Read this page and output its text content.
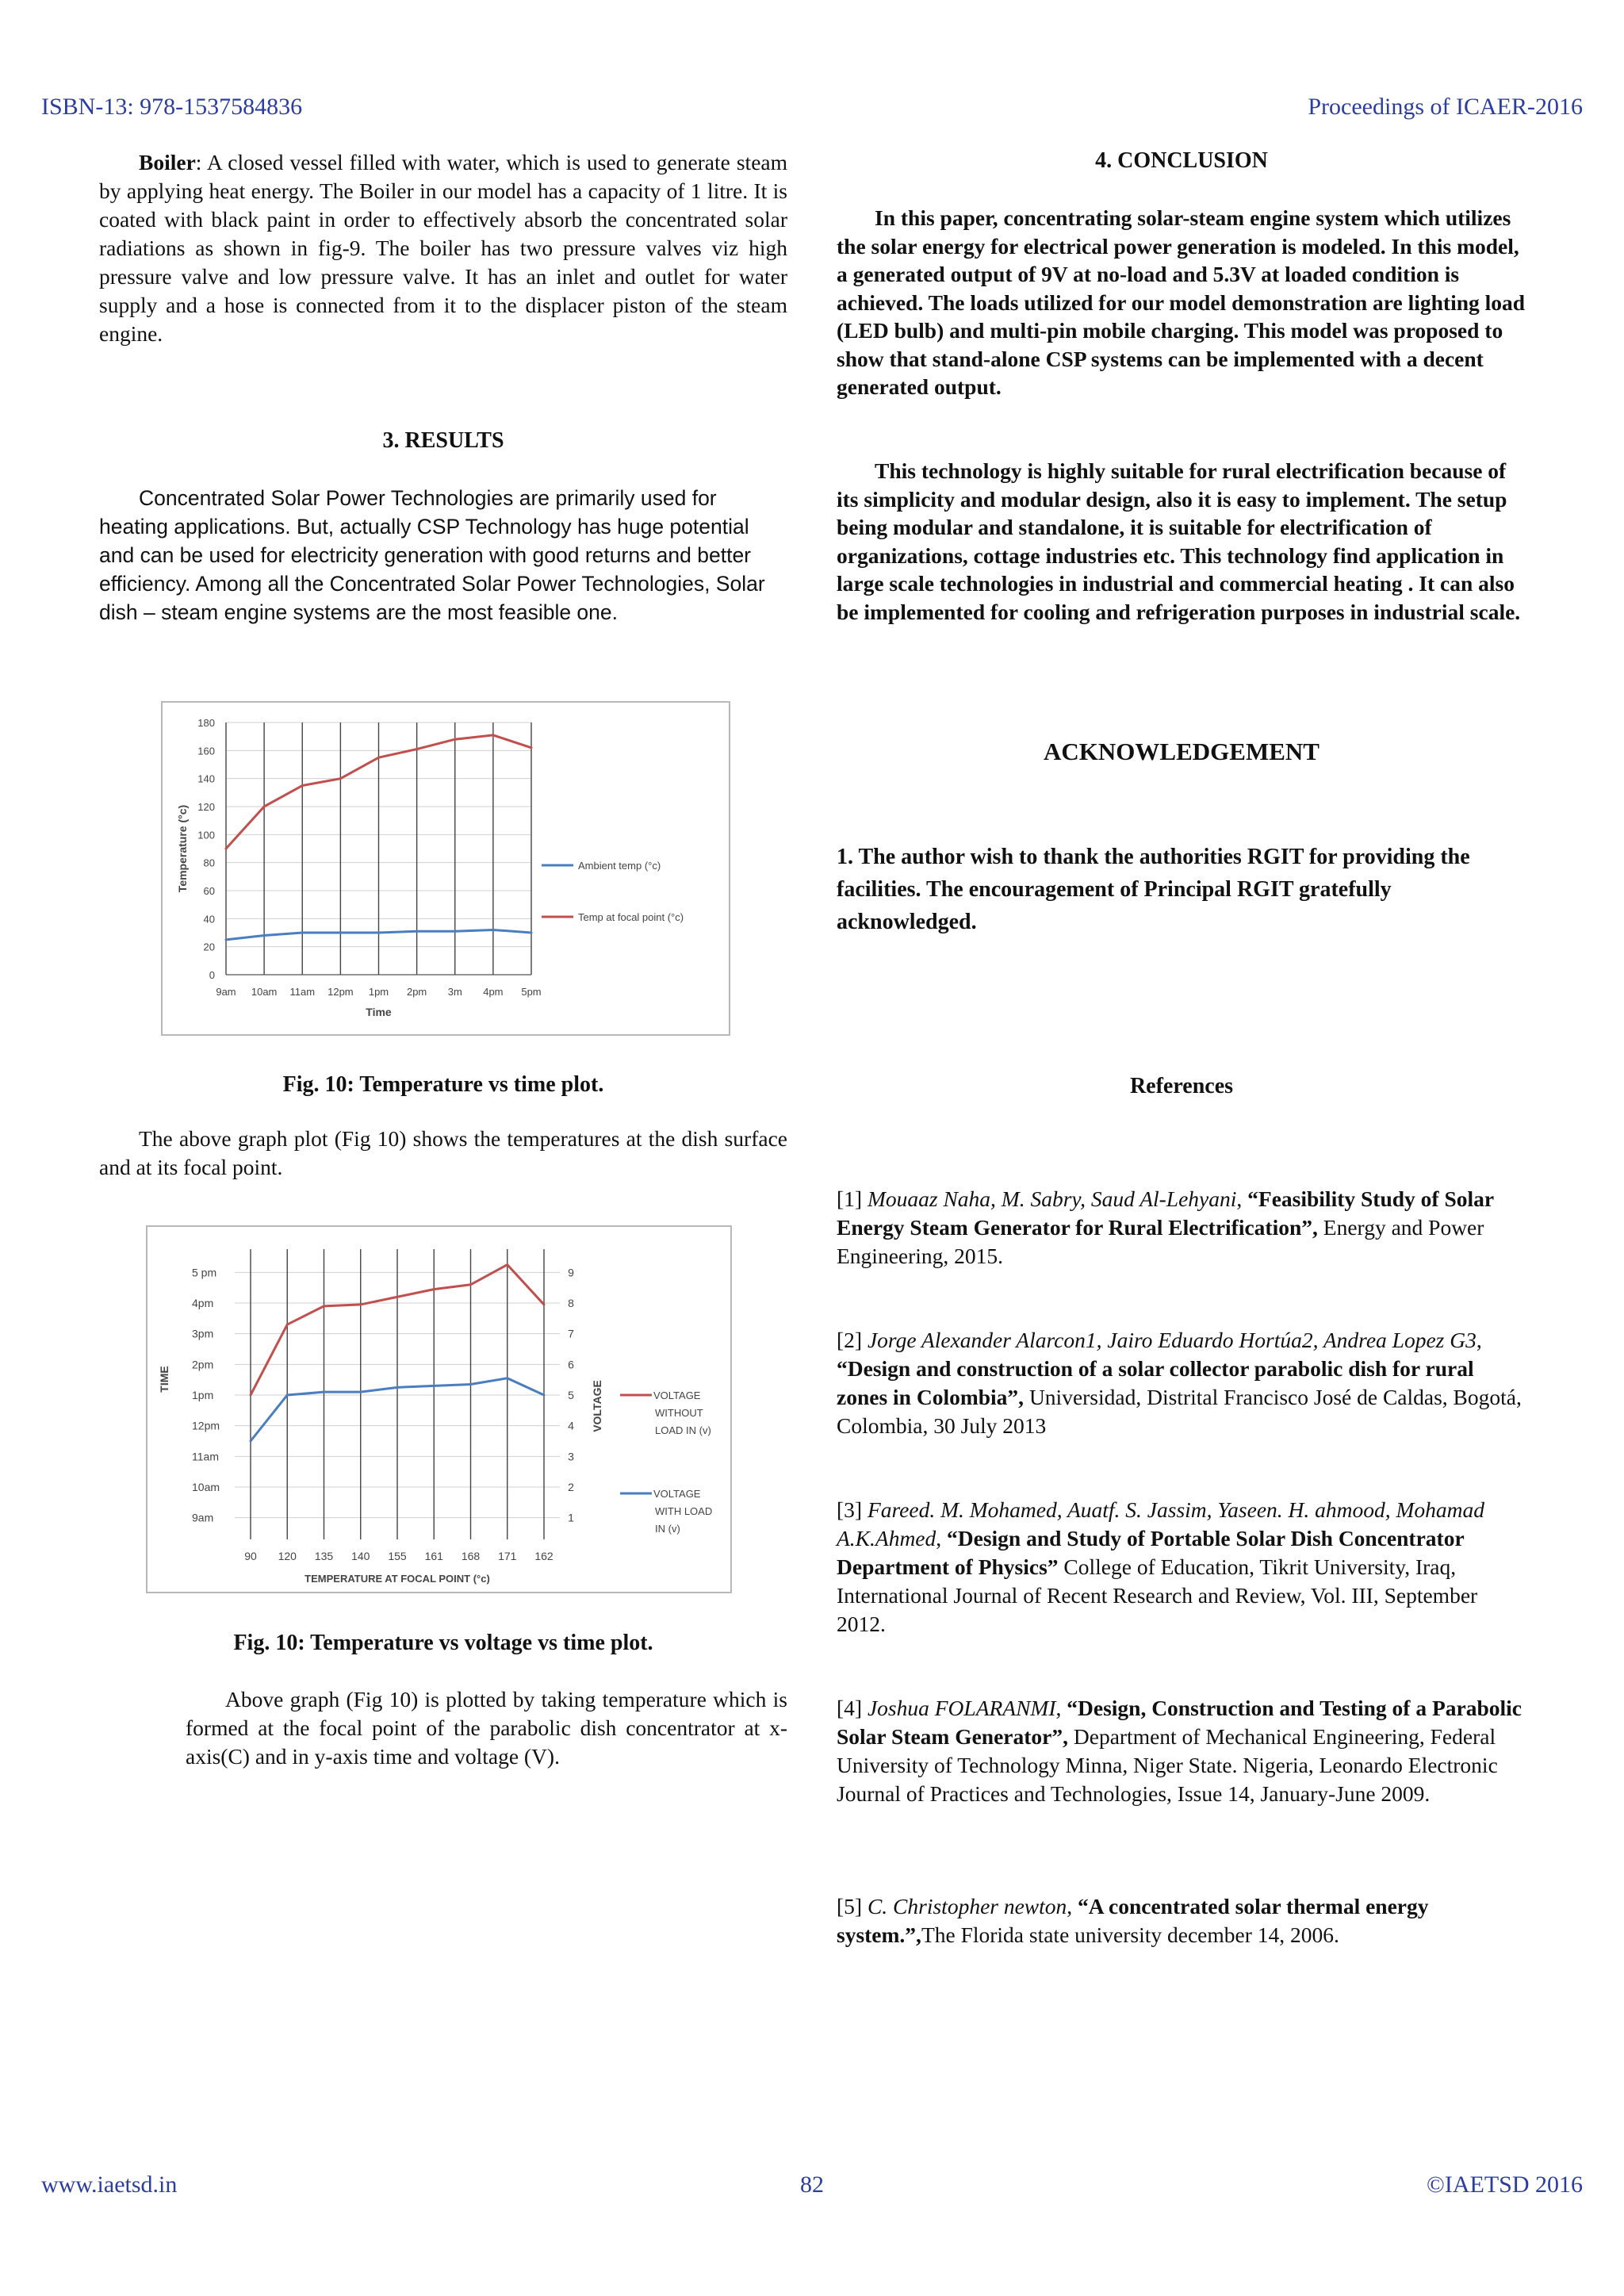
ISBN-13: 978-1537584836	Proceedings of ICAER-2016
Boiler: A closed vessel filled with water, which is used to generate steam by applying heat energy. The Boiler in our model has a capacity of 1 litre. It is coated with black paint in order to effectively absorb the concentrated solar radiations as shown in fig-9. The boiler has two pressure valves viz high pressure valve and low pressure valve. It has an inlet and outlet for water supply and a hose is connected from it to the displacer piston of the steam engine.
3. RESULTS
Concentrated Solar Power Technologies are primarily used for heating applications. But, actually CSP Technology has huge potential and can be used for electricity generation with good returns and better efficiency. Among all the Concentrated Solar Power Technologies, Solar dish – steam engine systems are the most feasible one.
0
20
40
60
80
100
120
140
160
180
9am 10am 11am 12pm 1pm 2pm 3m 4pm 5pm
Time
Temperature (°c)	Ambient temp (°c)
Temp at focal point (°c)
Fig. 10: Temperature vs time plot.
The above graph plot (Fig 10) shows the temperatures at the dish surface and at its focal point.
9am
10am
11am
12pm
1pm
2pm
3pm
4pm
5 pm
1
2
3
4
5
6
7
8
9
90 120 135 140 155 161 168 171 162
TEMPERATURE AT FOCAL POINT (°c)
TIME
VOLTAGE	VOLTAGE WITHOUT LOAD IN (v)
VOLTAGE WITH LOAD IN (v)
Fig. 10: Temperature vs voltage vs time plot.
Above graph (Fig 10) is plotted by taking temperature which is formed at the focal point of the parabolic dish concentrator at x-axis(C) and in y-axis time and voltage (V).
4. CONCLUSION
In this paper, concentrating solar-steam engine system which utilizes the solar energy for electrical power generation is modeled. In this model, a generated output of 9V at no-load and 5.3V at loaded condition is achieved. The loads utilized for our model demonstration are lighting load (LED bulb) and multi-pin mobile charging. This model was proposed to show that stand-alone CSP systems can be implemented with a decent generated output.
This technology is highly suitable for rural electrification because of its simplicity and modular design, also it is easy to implement. The setup being modular and standalone, it is suitable for electrification of organizations, cottage industries etc. This technology find application in large scale technologies in industrial and commercial heating . It can also be implemented for cooling and refrigeration purposes in industrial scale.
ACKNOWLEDGEMENT
1. The author wish to thank the authorities RGIT for providing the facilities. The encouragement of Principal RGIT gratefully acknowledged.
References
[1] Mouaaz Naha, M. Sabry, Saud Al-Lehyani, “Feasibility Study of Solar Energy Steam Generator for Rural Electrification”, Energy and Power Engineering, 2015.
[2] Jorge Alexander Alarcon1, Jairo Eduardo Hortúa2, Andrea Lopez G3, “Design and construction of a solar collector parabolic dish for rural zones in Colombia”, Universidad, Distrital Francisco José de Caldas, Bogotá, Colombia, 30 July 2013
[3] Fareed. M. Mohamed, Auatf. S. Jassim, Yaseen. H. ahmood, Mohamad A.K.Ahmed, “Design and Study of Portable Solar Dish Concentrator Department of Physics” College of Education, Tikrit University, Iraq, International Journal of Recent Research and Review, Vol. III, September 2012.
[4] Joshua FOLARANMI, “Design, Construction and Testing of a Parabolic Solar Steam Generator”, Department of Mechanical Engineering, Federal University of Technology Minna, Niger State. Nigeria, Leonardo Electronic Journal of Practices and Technologies, Issue 14, January-June 2009.
[5] C. Christopher newton, “A concentrated solar thermal energy system.”,The Florida state university december 14, 2006.
www.iaetsd.in	82	©IAETSD 2016
